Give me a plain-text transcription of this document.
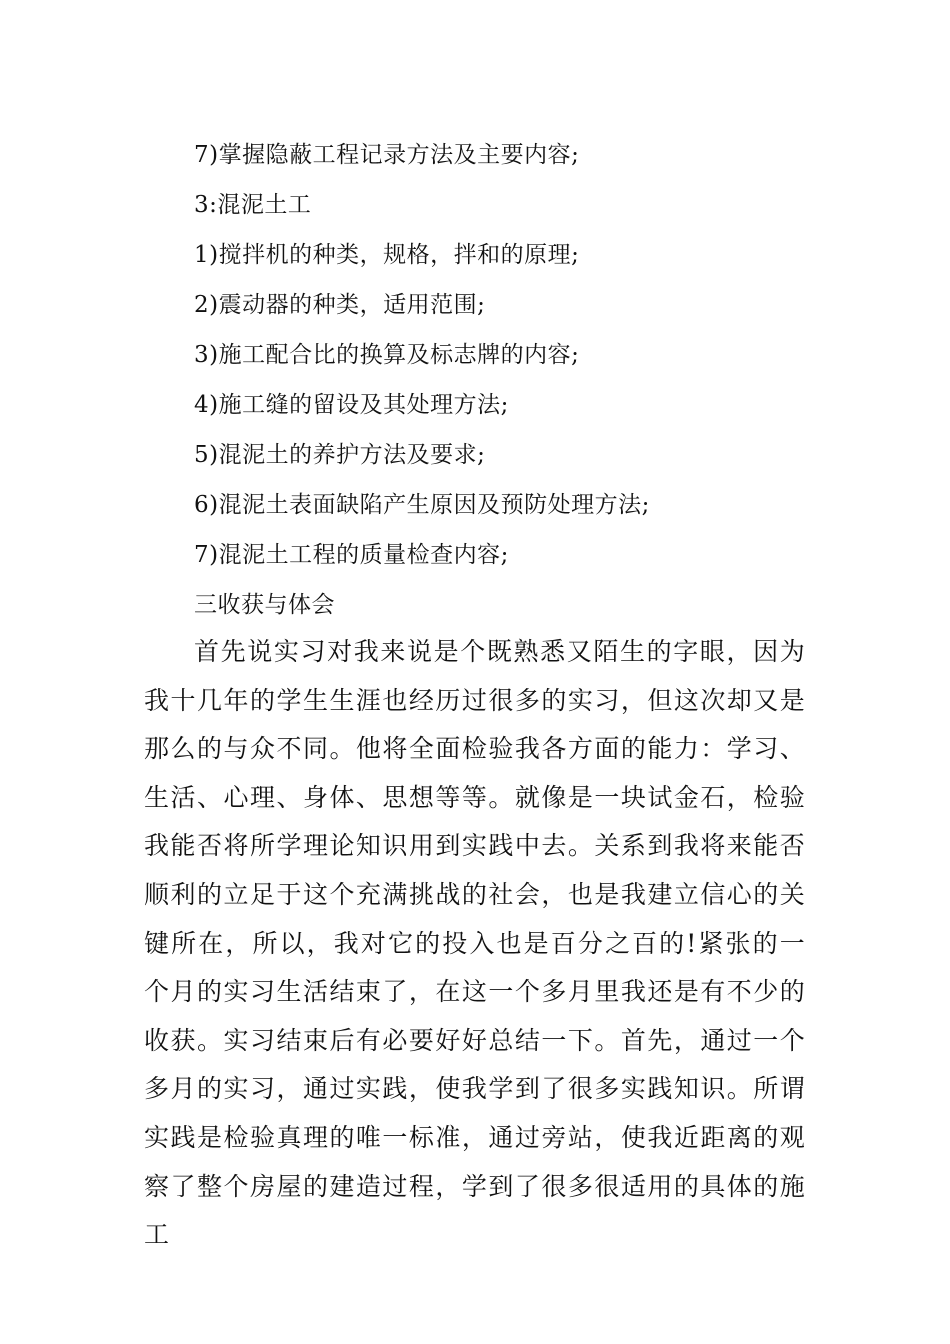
7)掌握隐蔽工程记录方法及主要内容;
3:混泥土工
1)搅拌机的种类，规格，拌和的原理;
2)震动器的种类，适用范围;
3)施工配合比的换算及标志牌的内容;
4)施工缝的留设及其处理方法;
5)混泥土的养护方法及要求;
6)混泥土表面缺陷产生原因及预防处理方法;
7)混泥土工程的质量检查内容;
三收获与体会

首先说实习对我来说是个既熟悉又陌生的字眼，因为我十几年的学生生涯也经历过很多的实习，但这次却又是那么的与众不同。他将全面检验我各方面的能力：学习、生活、心理、身体、思想等等。就像是一块试金石，检验我能否将所学理论知识用到实践中去。关系到我将来能否顺利的立足于这个充满挑战的社会，也是我建立信心的关键所在，所以，我对它的投入也是百分之百的!紧张的一个月的实习生活结束了，在这一个多月里我还是有不少的收获。实习结束后有必要好好总结一下。首先，通过一个多月的实习，通过实践，使我学到了很多实践知识。所谓实践是检验真理的唯一标准，通过旁站，使我近距离的观察了整个房屋的建造过程，学到了很多很适用的具体的施工
